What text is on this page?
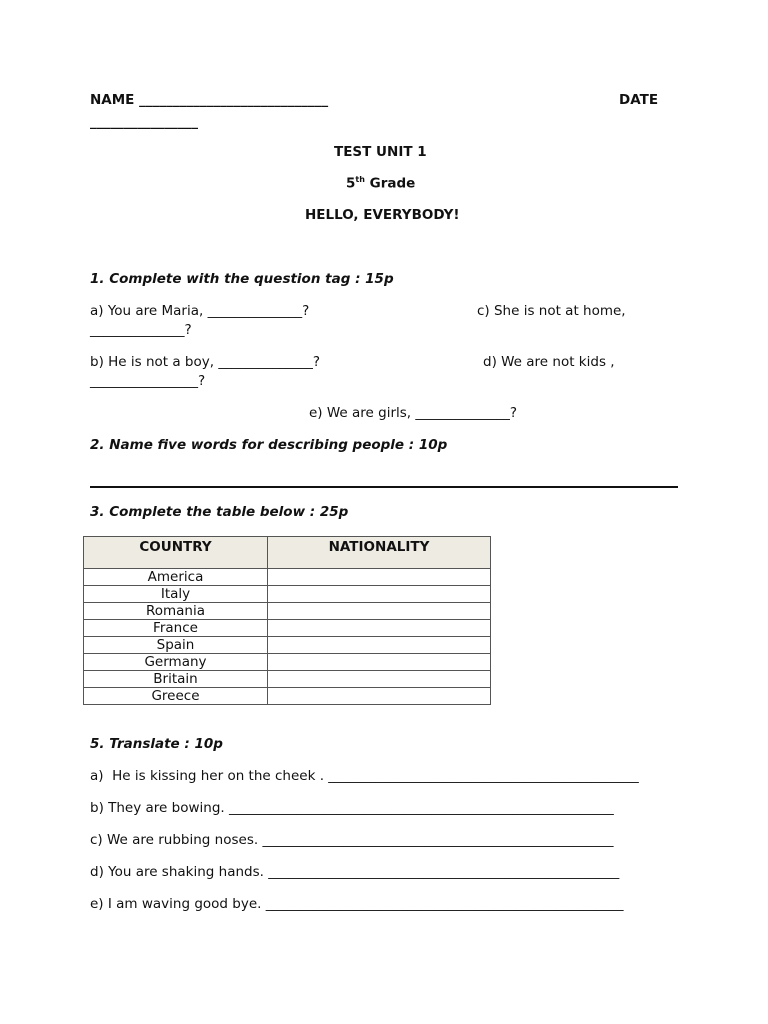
NAME ____________________________	DATE
________________
TEST UNIT 1
5th Grade
HELLO, EVERYBODY!
1. Complete with the question tag : 15p
a) You are Maria, ______________?	c) She is not at home,
______________?
b) He is not a boy, ______________?	d) We are not kids ,
________________?
e) We are girls, ______________?
2. Name five words for describing people : 10p
3. Complete the table below : 25p
COUNTRY	NATIONALITY
America	
Italy	
Romania	
France	
Spain	
Germany	
Britain	
Greece	
5. Translate : 10p
a)  He is kissing her on the cheek . ______________________________________________
b) They are bowing. _________________________________________________________
c) We are rubbing noses. ____________________________________________________
d) You are shaking hands. ____________________________________________________
e) I am waving good bye. _____________________________________________________
